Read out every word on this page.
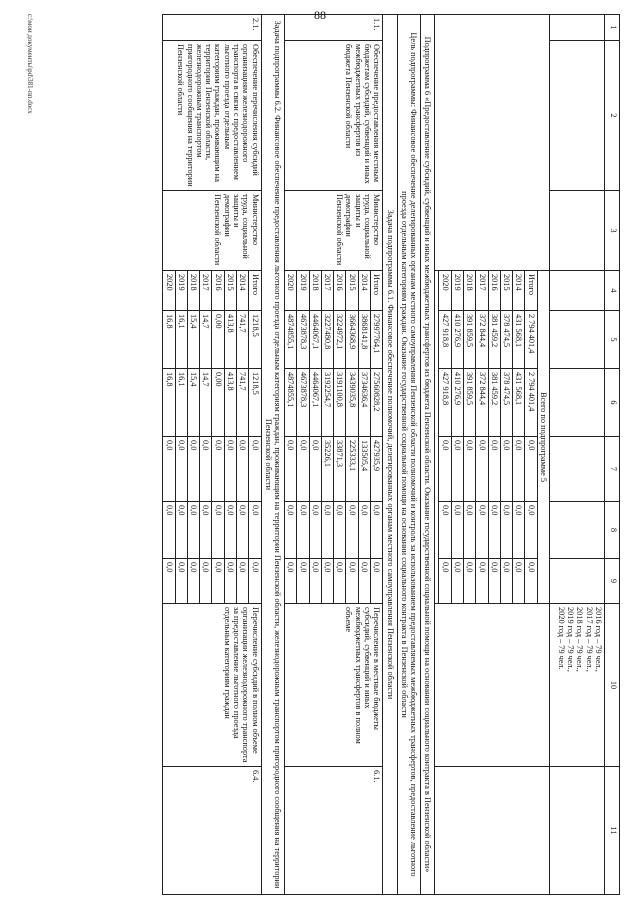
88
1	2	3	4	5	6	7	8	9	10	11

									2016 год – 79 чел.,
2017 год – 79 чел.,
2018 год – 79 чел.,
2019 год – 79 чел.,
2020 год – 79 чел.	

			Всего по подпрограмме 5							
			Итого	2 794 401,4	2 794 401,4	0,0	0,0	0,0		
			2014	431 568,1	431 568,1	0,0	0,0	0,0		
			2015	378 474,5	378 474,5	0,0	0,0	0,0		
			2016	381 459,2	381 459,2	0,0	0,0	0,0		
			2017	372 844,4	372 844,4	0,0	0,0	0,0		
			2018	391 859,5	391 859,5	0,0	0,0	0,0		
			2019	410 276,9	410 276,9	0,0	0,0	0,0		
			2020	427 918,8	427 918,8	0,0	0,0	0,0		

Подпрограмма 6 «Предоставление субсидий, субвенций и иных межбюджетных трансфертов из бюджета Пензенской области. Оказание государственной социальной помощи на основании социального контракта в Пензенской области»										
Цель подпрограммы: Финансовое обеспечение делегированных органам местного самоуправления Пензенской области полномочий и контроль за использованием предоставляемых межбюджетных трансфертов, предоставление льготного проезда отдельным категориям граждан. Оказание государственной социальной помощи на основании социального контракта в Пензенской области										
Задача подпрограммы 6.1. Финансовое обеспечение полномочий, делегированных органам местного самоуправления Пензенской области										
1.1.	Обеспечение предоставления местным бюджетам субсидий, субвенций и иных межбюджетных трансфертов из бюджета Пензенской области	Министерство труда, социальной защиты и демографии Пензенской области	Итого	27997764,1	27560828,2	427935,9	0,0	0,0	Перечисление в местные бюджеты субсидий, субвенций и иных межбюджетных трансфертов в полном объеме	6.1.
			2014	3868141,8	3734636,4	133505,4	0,0	0,0		
			2015	3664368,9	3439035,8	225333,1	0,0	0,0		
			2016	3224972,1	3191100,8	33871,3	0,0	0,0		
			2017	3227480,8	3192254,7	35226,1	0,0	0,0		
			2018	4464067,1	4464067,1	0,0	0,0	0,0		
			2019	4673878,3	4673878,3	0,0	0,0	0,0		
			2020	4874855,1	4874855,1	0,0	0,0	0,0		
Задача подпрограммы 6.2. Финансовое обеспечение предоставления льготного проезда отдельным категориям граждан, проживающим на территории Пензенской области, железнодорожным транспортом пригородного сообщения на территории Пензенской области										
2.1.	Обеспечение перечисления субсидий организациям железнодорожного транспорта в связи с предоставлением льготного проезда отдельным категориям граждан, проживающим на территории Пензенской области, железнодорожным транспортом пригородного сообщения на территории Пензенской области	Министерство труда, социальной защиты и демографии Пензенской области	Итого	1218,5	1218,5	0,0	0,0	0,0	Перечисление субсидий в полном объеме организации железнодорожного транспорта за предоставление льготного проезда отдельным категориям граждан	6.4.
			2014	741,7	741,7	0,0	0,0	0,0		
			2015	413,8	413,8	0,0	0,0	0,0		
			2016	0,00	0,00	0,0	0,0	0,0		
			2017	14,7	14,7	0,0	0,0	0,0		
			2018	15,4	15,4	0,0	0,0	0,0		
			2019	16,1	16,1	0,0	0,0	0,0		
			2020	16,8	16,8	0,0	0,0	0,0		
c:\мои документы\pd\381-пп.docx
